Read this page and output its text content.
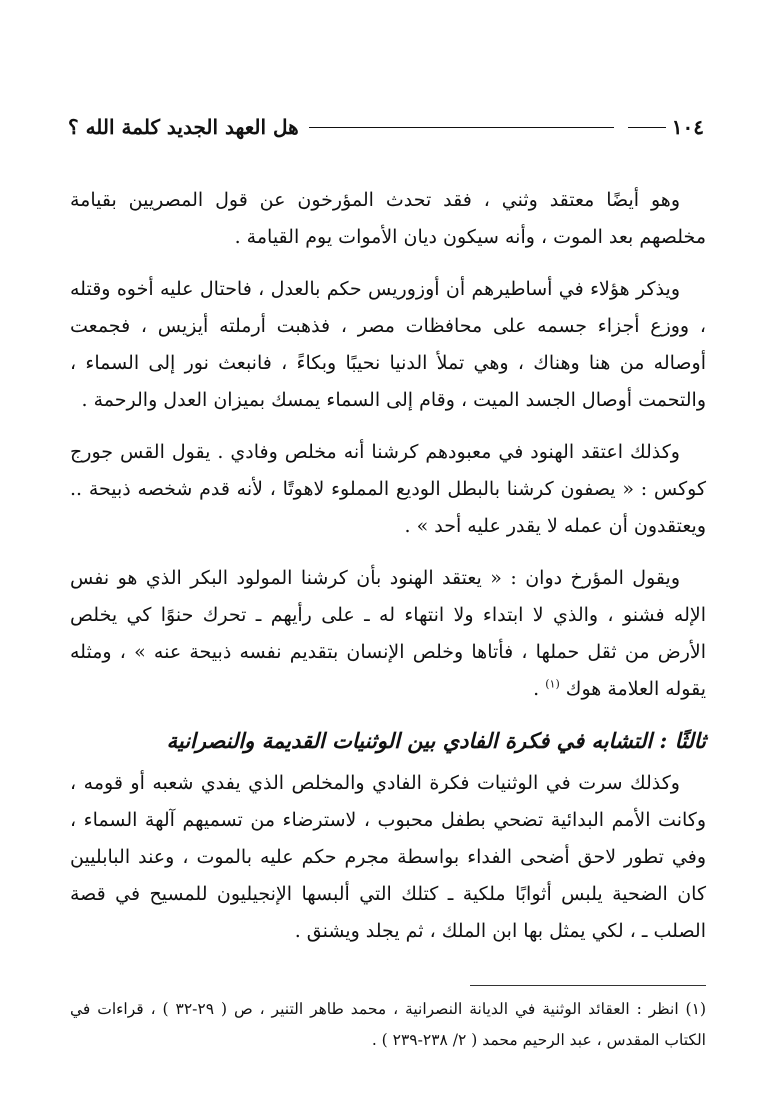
١٠٤
هل العهد الجديد كلمة الله ؟

وهو أيضًا معتقد وثني ، فقد تحدث المؤرخون عن قول المصريين بقيامة مخلصهم بعد الموت ، وأنه سيكون ديان الأموات يوم القيامة .

ويذكر هؤلاء في أساطيرهم أن أوزوريس حكم بالعدل ، فاحتال عليه أخوه وقتله ، ووزع أجزاء جسمه على محافظات مصر ، فذهبت أرملته أيزيس ، فجمعت أوصاله من هنا وهناك ، وهي تملأ الدنيا نحيبًا وبكاءً ، فانبعث نور إلى السماء ، والتحمت أوصال الجسد الميت ، وقام إلى السماء يمسك بميزان العدل والرحمة .

وكذلك اعتقد الهنود في معبودهم كرشنا أنه مخلص وفادي . يقول القس جورج كوكس : « يصفون كرشنا بالبطل الوديع المملوء لاهوتًا ، لأنه قدم شخصه ذبيحة .. ويعتقدون أن عمله لا يقدر عليه أحد » .

ويقول المؤرخ دوان : « يعتقد الهنود بأن كرشنا المولود البكر الذي هو نفس الإله فشنو ، والذي لا ابتداء ولا انتهاء له ـ على رأيهم ـ تحرك حنوًا كي يخلص الأرض من ثقل حملها ، فأتاها وخلص الإنسان بتقديم نفسه ذبيحة عنه » ، ومثله يقوله العلامة هوك $^{(١)}$ .

ثالثًا : التشابه في فكرة الفادي بين الوثنيات القديمة والنصرانية

وكذلك سرت في الوثنيات فكرة الفادي والمخلص الذي يفدي شعبه أو قومه ، وكانت الأمم البدائية تضحي بطفل محبوب ، لاسترضاء من تسميهم آلهة السماء ، وفي تطور لاحق أضحى الفداء بواسطة مجرم حكم عليه بالموت ، وعند البابليين كان الضحية يلبس أثوابًا ملكية ـ كتلك التي ألبسها الإنجيليون للمسيح في قصة الصلب ـ ، لكي يمثل بها ابن الملك ، ثم يجلد ويشنق .

(١) انظر : العقائد الوثنية في الديانة النصرانية ، محمد طاهر التنير ، ص ( ٢٩-٣٢ ) ، قراءات في الكتاب المقدس ، عبد الرحيم محمد ( ٢/ ٢٣٨-٢٣٩ ) .
